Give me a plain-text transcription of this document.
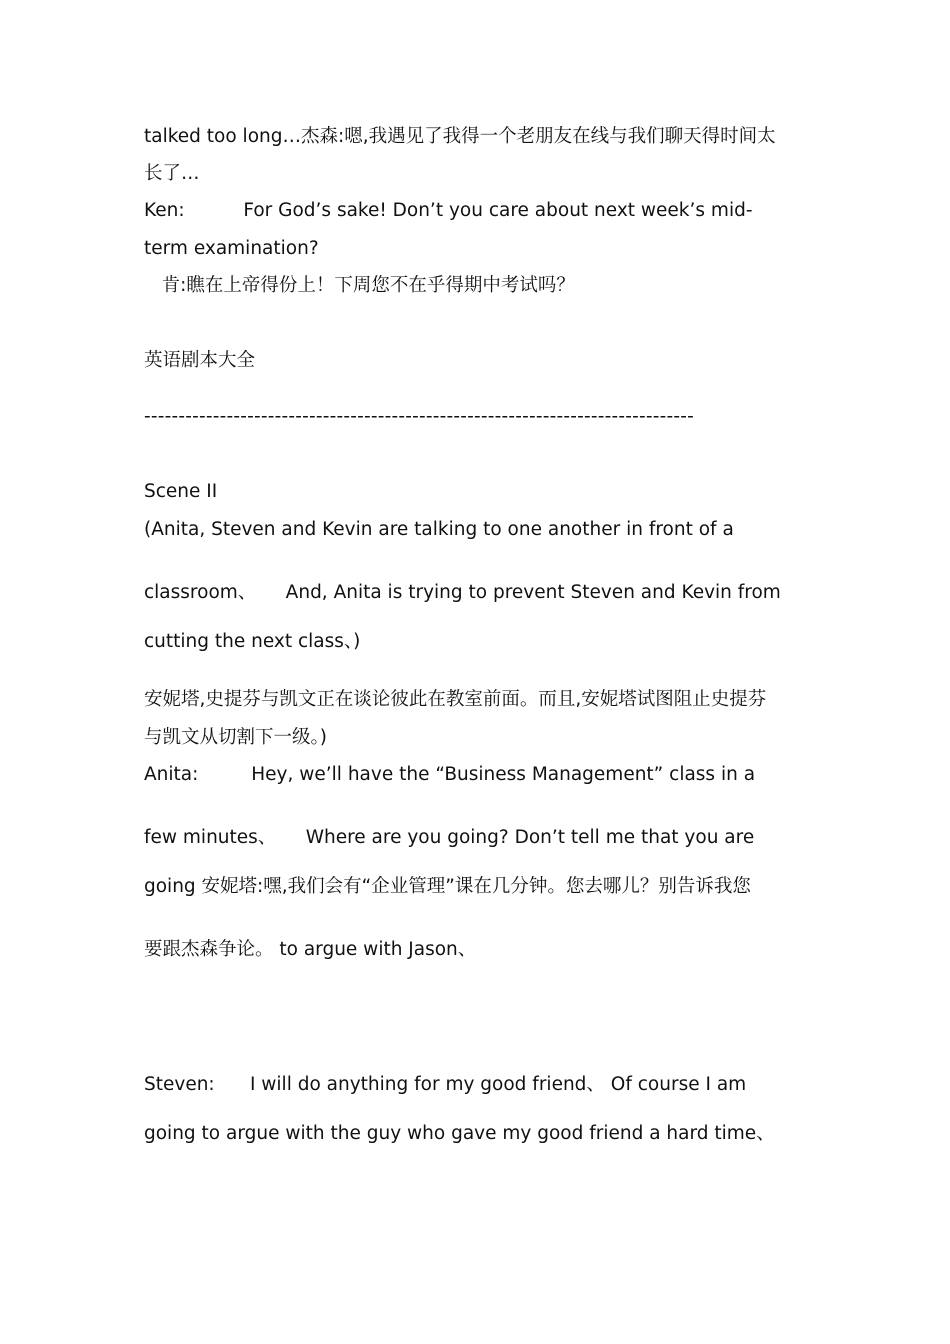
talked too long…杰森:嗯,我遇见了我得一个老朋友在线与我们聊天得时间太
长了…
Ken:          For God’s sake! Don’t you care about next week’s mid-
term examination?
肯:瞧在上帝得份上！下周您不在乎得期中考试吗？
英语剧本大全
--------------------------------------------------------------------------------
Scene II
(Anita, Steven and Kevin are talking to one another in front of a
classroom、     And, Anita is trying to prevent Steven and Kevin from
cutting the next class、)
安妮塔,史提芬与凯文正在谈论彼此在教室前面。而且,安妮塔试图阻止史提芬
与凯文从切割下一级。)
Anita:         Hey, we’ll have the “Business Management” class in a
few minutes、     Where are you going? Don’t tell me that you are
going 安妮塔:嘿,我们会有“企业管理”课在几分钟。您去哪儿？别告诉我您
要跟杰森争论。 to argue with Jason、
Steven:      I will do anything for my good friend、 Of course I am
going to argue with the guy who gave my good friend a hard time、
